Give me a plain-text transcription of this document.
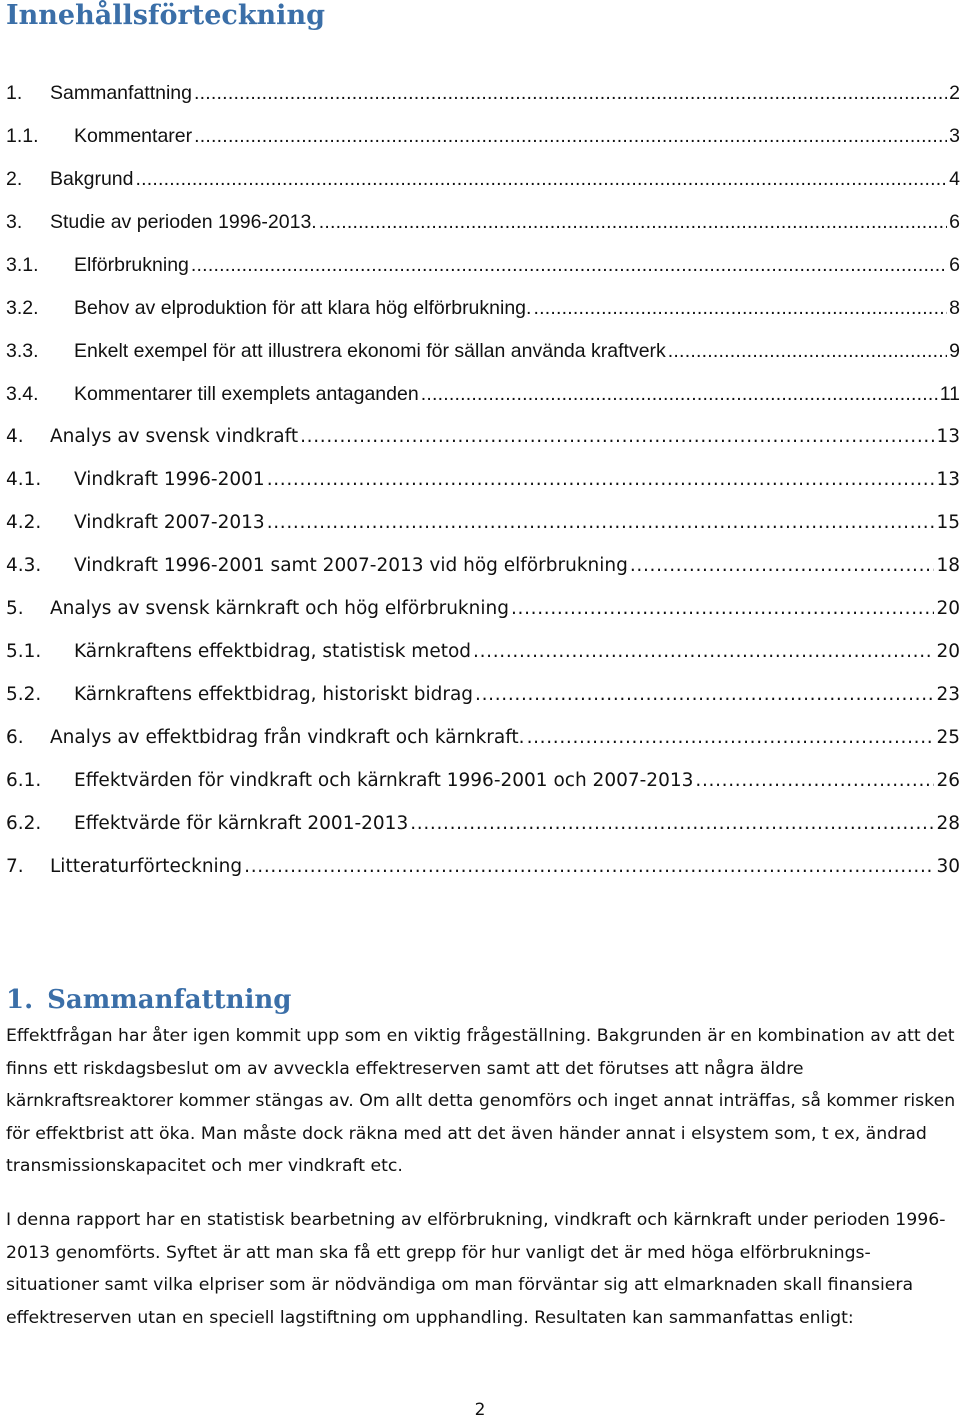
Innehållsförteckning
1.	Sammanfattning . . .	2
1.1.	Kommentarer . . .	3
2.	Bakgrund . . .	4
3.	Studie av perioden 1996-2013. . . .	6
3.1.	Elförbrukning . . .	6
3.2.	Behov av elproduktion för att klara hög elförbrukning. . . .	8
3.3.	Enkelt exempel för att illustrera ekonomi för sällan använda kraftverk . . .	9
3.4.	Kommentarer till exemplets antaganden . . .	11
4.	Analys av svensk vindkraft . . .	13
4.1.	Vindkraft 1996-2001 . . .	13
4.2.	Vindkraft 2007-2013 . . .	15
4.3.	Vindkraft 1996-2001 samt 2007-2013 vid hög elförbrukning . . .	18
5.	Analys av svensk kärnkraft och hög elförbrukning . . .	20
5.1.	Kärnkraftens effektbidrag, statistisk metod . . .	20
5.2.	Kärnkraftens effektbidrag, historiskt bidrag . . .	23
6.	Analys av effektbidrag från vindkraft och kärnkraft. . . .	25
6.1.	Effektvärden för vindkraft och kärnkraft 1996-2001 och 2007-2013 . . .	26
6.2.	Effektvärde för kärnkraft 2001-2013 . . .	28
7.	Litteraturförteckning . . .	30
1. Sammanfattning

Effektfrågan har åter igen kommit upp som en viktig frågeställning. Bakgrunden är en kombination av att det finns ett riskdagsbeslut om av avveckla effektreserven samt att det förutses att några äldre kärnkraftsreaktorer kommer stängas av. Om allt detta genomförs och inget annat inträffas, så kommer risken för effektbrist att öka. Man måste dock räkna med att det även händer annat i elsystem som, t ex, ändrad transmissionskapacitet och mer vindkraft etc.

I denna rapport har en statistisk bearbetning av elförbrukning, vindkraft och kärnkraft under perioden 1996-2013 genomförts. Syftet är att man ska få ett grepp för hur vanligt det är med höga elförbruknings-situationer samt vilka elpriser som är nödvändiga om man förväntar sig att elmarknaden skall finansiera effektreserven utan en speciell lagstiftning om upphandling. Resultaten kan sammanfattas enligt:

2
